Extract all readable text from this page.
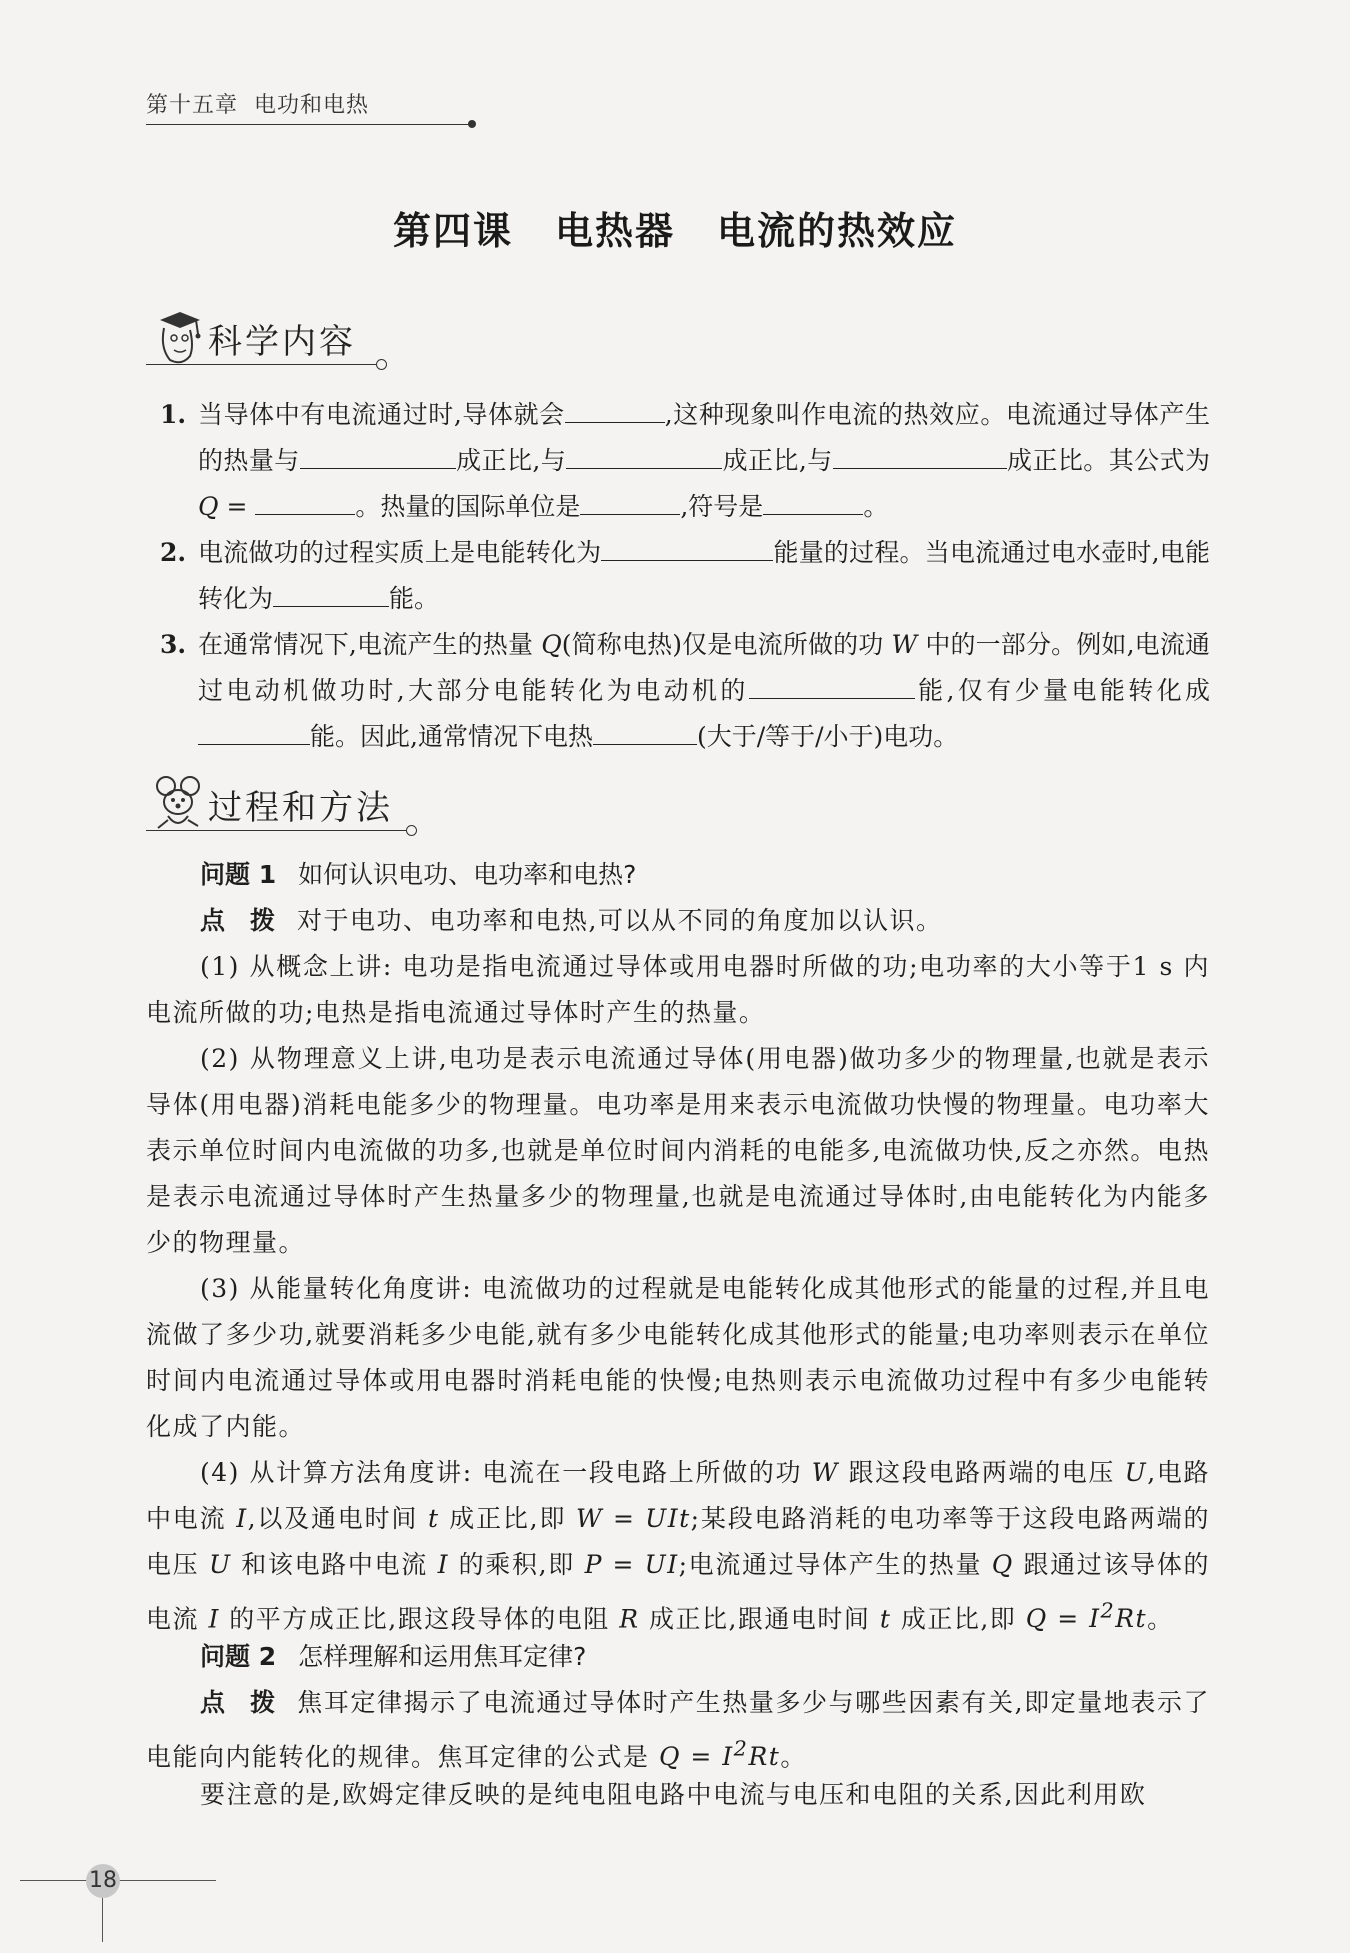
第十五章 电功和电热
第四课 电热器 电流的热效应
科学内容
1. 当导体中有电流通过时,导体就会	,这种现象叫作电流的热效应。电流通过导体产生的热量与	成正比,与	成正比,与	成正比。其公式为 Q =	。热量的国际单位是	,符号是	。
2. 电流做功的过程实质上是电能转化为	能量的过程。当电流通过电水壶时,电能转化为	能。
3. 在通常情况下,电流产生的热量 Q(简称电热)仅是电流所做的功 W 中的一部分。例如,电流通过电动机做功时,大部分电能转化为电动机的	能,仅有少量电能转化成能。因此,通常情况下电热	(大于/等于/小于)电功。
过程和方法
问题 1 如何认识电功、电功率和电热?
点　拨 对于电功、电功率和电热,可以从不同的角度加以认识。
(1) 从概念上讲: 电功是指电流通过导体或用电器时所做的功;电功率的大小等于1 s 内电流所做的功;电热是指电流通过导体时产生的热量。
(2) 从物理意义上讲,电功是表示电流通过导体(用电器)做功多少的物理量,也就是表示导体(用电器)消耗电能多少的物理量。电功率是用来表示电流做功快慢的物理量。电功率大表示单位时间内电流做的功多,也就是单位时间内消耗的电能多,电流做功快,反之亦然。电热是表示电流通过导体时产生热量多少的物理量,也就是电流通过导体时,由电能转化为内能多少的物理量。
(3) 从能量转化角度讲: 电流做功的过程就是电能转化成其他形式的能量的过程,并且电流做了多少功,就要消耗多少电能,就有多少电能转化成其他形式的能量;电功率则表示在单位时间内电流通过导体或用电器时消耗电能的快慢;电热则表示电流做功过程中有多少电能转化成了内能。
(4) 从计算方法角度讲: 电流在一段电路上所做的功 W 跟这段电路两端的电压 U,电路中电流 I,以及通电时间 t 成正比,即 W = UIt;某段电路消耗的电功率等于这段电路两端的电压 U 和该电路中电流 I 的乘积,即 P = UI;电流通过导体产生的热量 Q 跟通过该导体的电流 I 的平方成正比,跟这段导体的电阻 R 成正比,跟通电时间 t 成正比,即 $Q = I^2Rt$。
问题 2 怎样理解和运用焦耳定律?
点　拨 焦耳定律揭示了电流通过导体时产生热量多少与哪些因素有关,即定量地表示了电能向内能转化的规律。焦耳定律的公式是 $Q = I^2Rt$。
要注意的是,欧姆定律反映的是纯电阻电路中电流与电压和电阻的关系,因此利用欧
18
